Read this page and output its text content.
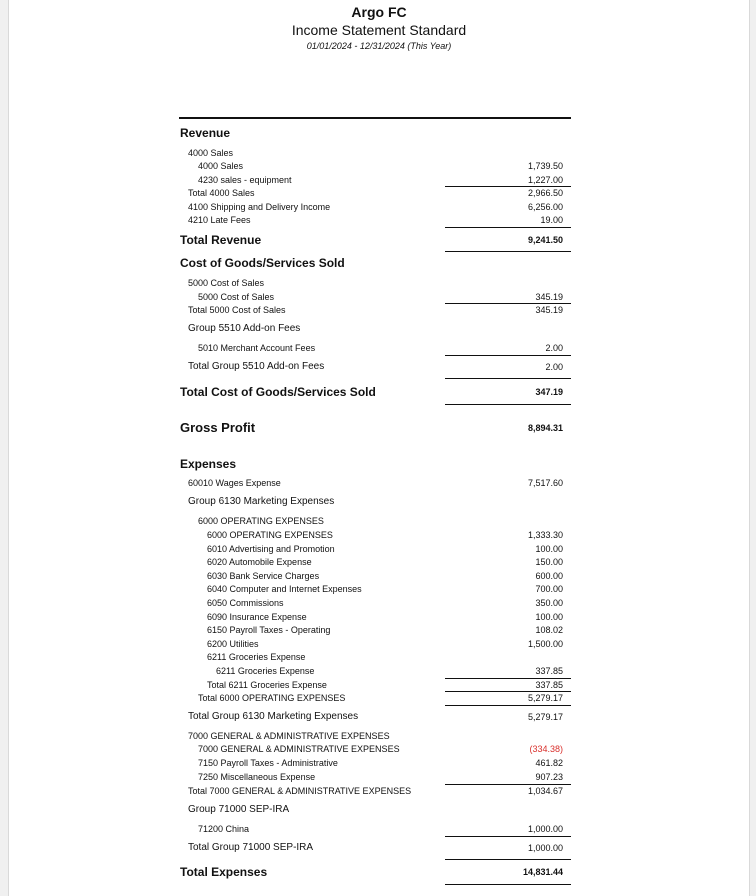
Argo FC
Income Statement Standard
01/01/2024 - 12/31/2024 (This Year)
Revenue
4000 Sales
4000 Sales	1,739.50
4230 sales - equipment	1,227.00
Total 4000 Sales	2,966.50
4100 Shipping and Delivery Income	6,256.00
4210 Late Fees	19.00
Total Revenue	9,241.50
Cost of Goods/Services Sold
5000 Cost of Sales
5000 Cost of Sales	345.19
Total 5000 Cost of Sales	345.19
Group 5510 Add-on Fees
5010 Merchant Account Fees	2.00
Total Group 5510 Add-on Fees	2.00
Total Cost of Goods/Services Sold	347.19
Gross Profit	8,894.31
Expenses
60010 Wages Expense	7,517.60
Group 6130 Marketing Expenses
6000 OPERATING EXPENSES
6000 OPERATING EXPENSES	1,333.30
6010 Advertising and Promotion	100.00
6020 Automobile Expense	150.00
6030 Bank Service Charges	600.00
6040 Computer and Internet Expenses	700.00
6050 Commissions	350.00
6090 Insurance Expense	100.00
6150 Payroll Taxes - Operating	108.02
6200 Utilities	1,500.00
6211 Groceries Expense
6211 Groceries Expense	337.85
Total 6211 Groceries Expense	337.85
Total 6000 OPERATING EXPENSES	5,279.17
Total Group 6130 Marketing Expenses	5,279.17
7000 GENERAL & ADMINISTRATIVE EXPENSES
7000 GENERAL & ADMINISTRATIVE EXPENSES	(334.38)
7150 Payroll Taxes - Administrative	461.82
7250 Miscellaneous Expense	907.23
Total 7000 GENERAL & ADMINISTRATIVE EXPENSES	1,034.67
Group 71000 SEP-IRA
71200 China	1,000.00
Total Group 71000 SEP-IRA	1,000.00
Total Expenses	14,831.44
